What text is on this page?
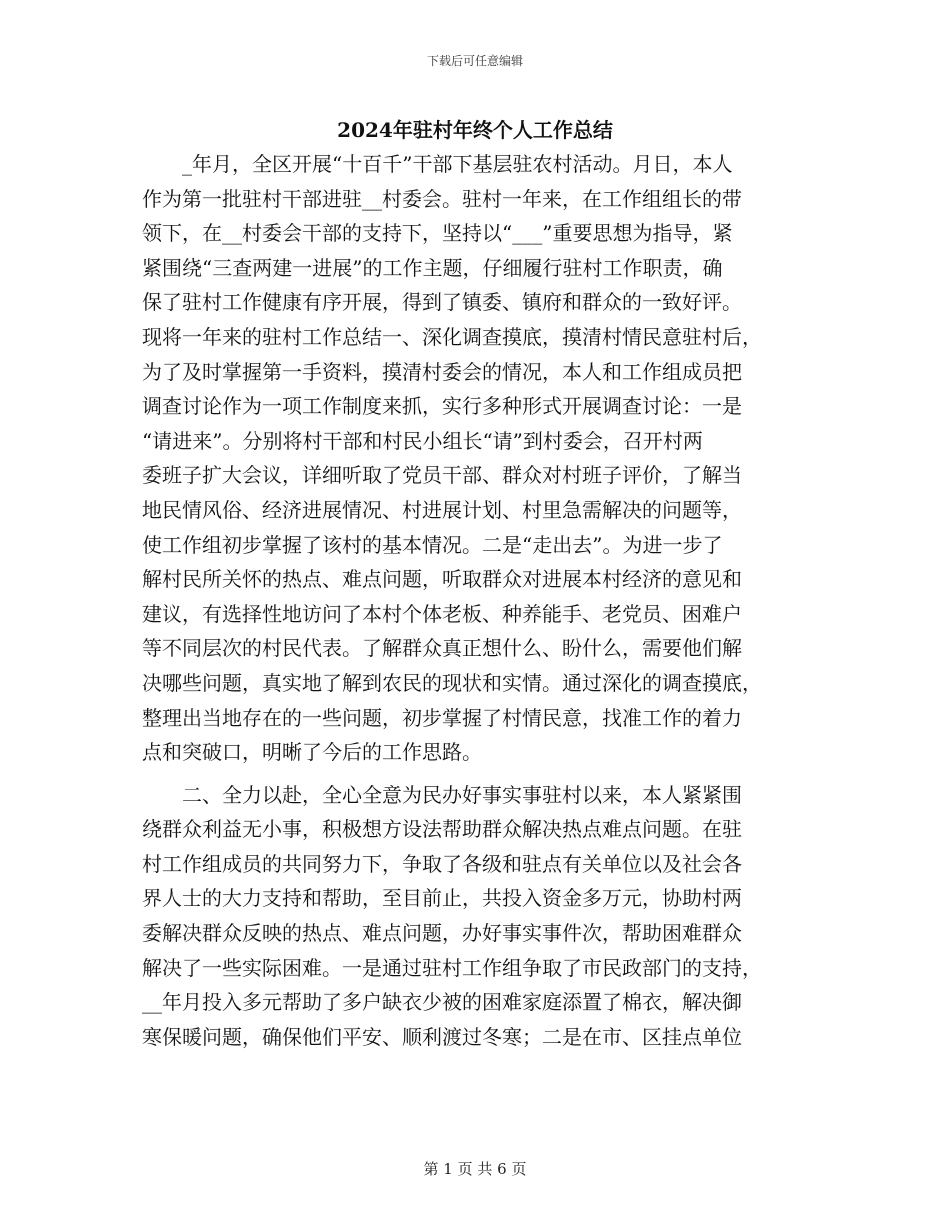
下载后可任意编辑
2024年驻村年终个人工作总结
_年月，全区开展“十百千”干部下基层驻农村活动。月日，本人
作为第一批驻村干部进驻__村委会。驻村一年来，在工作组组长的带
领下，在__村委会干部的支持下，坚持以“___”重要思想为指导，紧
紧围绕“三查两建一进展”的工作主题，仔细履行驻村工作职责，确
保了驻村工作健康有序开展，得到了镇委、镇府和群众的一致好评。
现将一年来的驻村工作总结一、深化调查摸底，摸清村情民意驻村后，
为了及时掌握第一手资料，摸清村委会的情况，本人和工作组成员把
调查讨论作为一项工作制度来抓，实行多种形式开展调查讨论：一是
“请进来”。分别将村干部和村民小组长“请”到村委会，召开村两
委班子扩大会议，详细听取了党员干部、群众对村班子评价，了解当
地民情风俗、经济进展情况、村进展计划、村里急需解决的问题等，
使工作组初步掌握了该村的基本情况。二是“走出去”。为进一步了
解村民所关怀的热点、难点问题，听取群众对进展本村经济的意见和
建议，有选择性地访问了本村个体老板、种养能手、老党员、困难户
等不同层次的村民代表。了解群众真正想什么、盼什么，需要他们解
决哪些问题，真实地了解到农民的现状和实情。通过深化的调查摸底，
整理出当地存在的一些问题，初步掌握了村情民意，找准工作的着力
点和突破口，明晰了今后的工作思路。
二、全力以赴，全心全意为民办好事实事驻村以来，本人紧紧围
绕群众利益无小事，积极想方设法帮助群众解决热点难点问题。在驻
村工作组成员的共同努力下，争取了各级和驻点有关单位以及社会各
界人士的大力支持和帮助，至目前止，共投入资金多万元，协助村两
委解决群众反映的热点、难点问题，办好事实事件次，帮助困难群众
解决了一些实际困难。一是通过驻村工作组争取了市民政部门的支持，
__年月投入多元帮助了多户缺衣少被的困难家庭添置了棉衣，解决御
寒保暖问题，确保他们平安、顺利渡过冬寒；二是在市、区挂点单位
第 1 页 共 6 页
